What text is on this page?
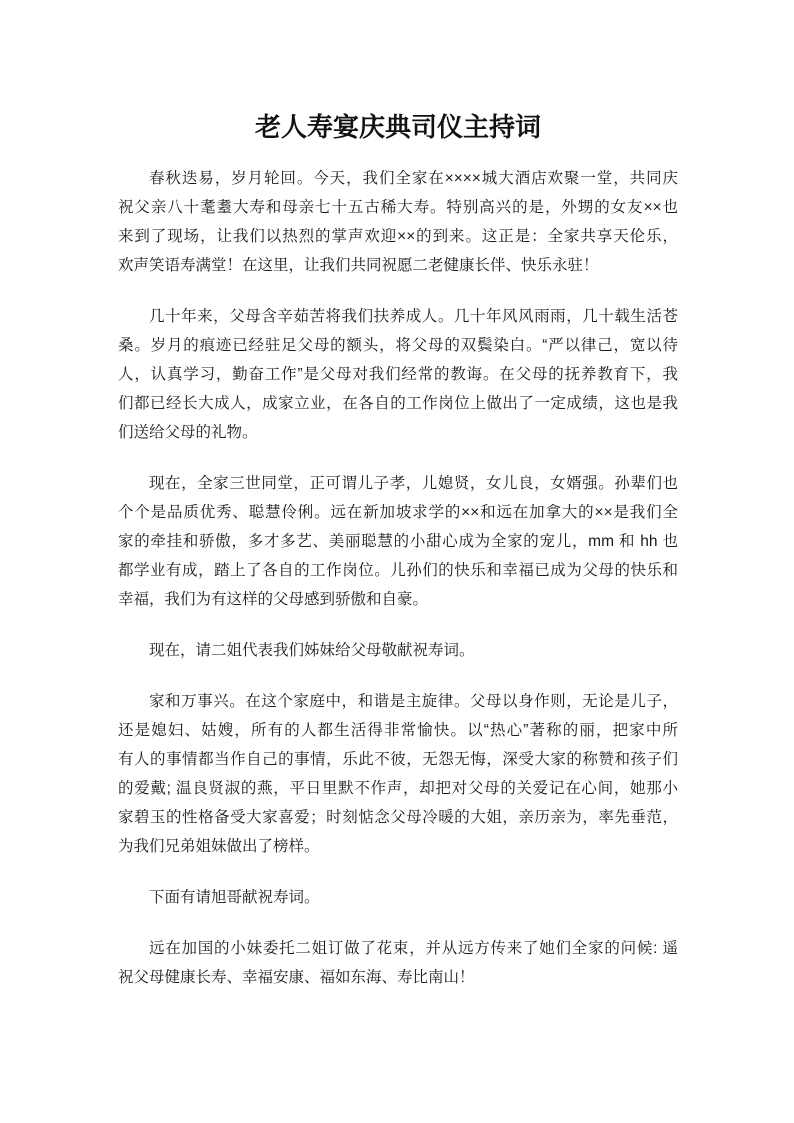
老人寿宴庆典司仪主持词
春秋迭易，岁月轮回。今天，我们全家在××××城大酒店欢聚一堂，共同庆
祝父亲八十耄耋大寿和母亲七十五古稀大寿。特别高兴的是，外甥的女友××也
来到了现场，让我们以热烈的掌声欢迎××的到来。这正是：全家共享天伦乐，
欢声笑语寿满堂！在这里，让我们共同祝愿二老健康长伴、快乐永驻！
几十年来，父母含辛茹苦将我们扶养成人。几十年风风雨雨，几十载生活苍
桑。岁月的痕迹已经驻足父母的额头，将父母的双鬓染白。“严以律己，宽以待
人，认真学习，勤奋工作”是父母对我们经常的教诲。在父母的抚养教育下，我
们都已经长大成人，成家立业，在各自的工作岗位上做出了一定成绩，这也是我
们送给父母的礼物。
现在，全家三世同堂，正可谓儿子孝，儿媳贤，女儿良，女婿强。孙辈们也
个个是品质优秀、聪慧伶俐。远在新加坡求学的××和远在加拿大的××是我们全
家的牵挂和骄傲，多才多艺、美丽聪慧的小甜心成为全家的宠儿，mm 和 hh 也
都学业有成，踏上了各自的工作岗位。儿孙们的快乐和幸福已成为父母的快乐和
幸福，我们为有这样的父母感到骄傲和自豪。
现在，请二姐代表我们姊妹给父母敬献祝寿词。
家和万事兴。在这个家庭中，和谐是主旋律。父母以身作则，无论是儿子，
还是媳妇、姑嫂，所有的人都生活得非常愉快。以“热心”著称的丽，把家中所
有人的事情都当作自己的事情，乐此不彼，无怨无悔，深受大家的称赞和孩子们
的爱戴; 温良贤淑的燕，平日里默不作声，却把对父母的关爱记在心间，她那小
家碧玉的性格备受大家喜爱；时刻惦念父母冷暖的大姐，亲历亲为，率先垂范，
为我们兄弟姐妹做出了榜样。
下面有请旭哥献祝寿词。
远在加国的小妹委托二姐订做了花束，并从远方传来了她们全家的问候: 遥
祝父母健康长寿、幸福安康、福如东海、寿比南山！
